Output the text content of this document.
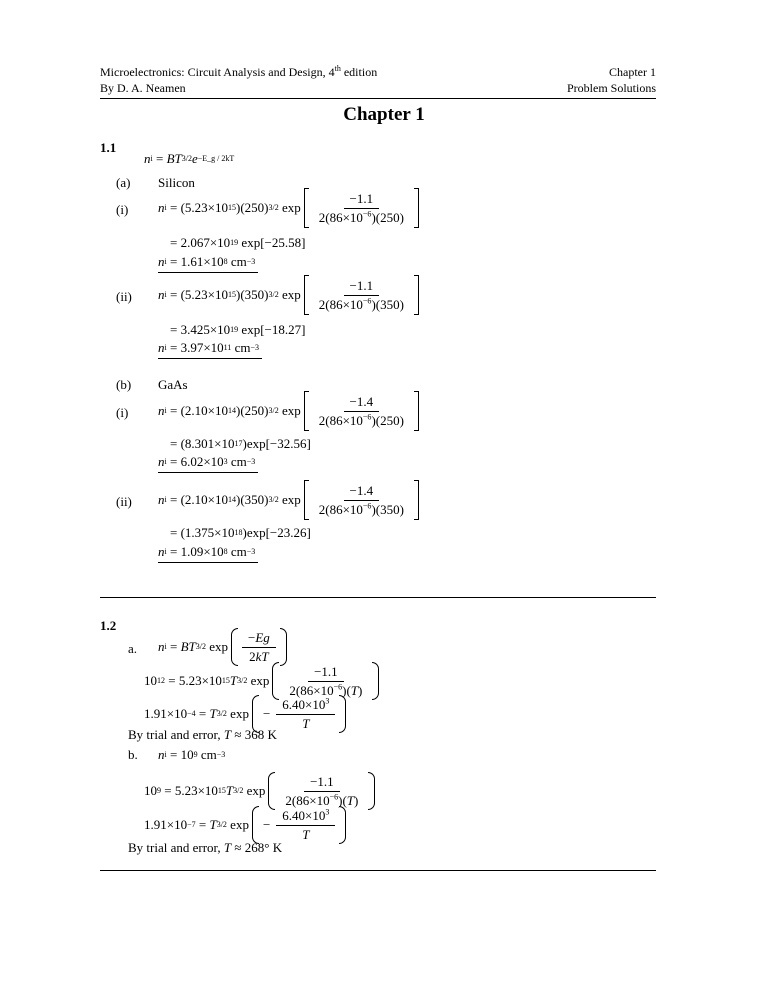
Microelectronics: Circuit Analysis and Design, 4th edition
By D. A. Neamen
Chapter 1
Problem Solutions
Chapter 1
1.1
n i = BT 3/2 e −E_g / 2kT
(a) Silicon
(i) n i = (5.23×10 15 )(250) 3/2 $\exp \frac{-1.1}{2(86\times 10^{-6})(250)}$
= 2.067×10 19 exp[−25.58]
n i = 1.61×10 8 cm −3
(ii) n i = (5.23×10 15 )(350) 3/2 $\exp \frac{-1.1}{2(86\times 10^{-6})(350)}$
= 3.425×10 19 exp[−18.27]
n i = 3.97×10 11 cm −3
(b) GaAs
(i) n i = (2.10×10 14 )(250) 3/2 $\exp \frac{-1.4}{2(86\times 10^{-6})(250)}$
= (8.301×10 17 )exp[−32.56]
n i = 6.02×10 3 cm −3
(ii) n i = (2.10×10 14 )(350) 3/2 $\exp \frac{-1.4}{2(86\times 10^{-6})(350)}$
= (1.375×10 18 )exp[−23.26]
n i = 1.09×10 8 cm −3
1.2
a. n i = BT 3/2 $\exp \frac{-Eg}{2kT}$
10 12 = 5.23×10 15 T 3/2 $\exp \frac{-1.1}{2(86\times 10^{-6})(T)}$
1.91×10 −4 = T 3/2 $\exp - \frac{6.40\times 10^3}{T}$
By trial and error, T ≈ 368 K
b. n i = 10 9 cm −3
10 9 = 5.23×10 15 T 3/2 $\exp \frac{-1.1}{2(86\times 10^{-6})(T)}$
1.91×10 −7 = T 3/2 $\exp - \frac{6.40\times 10^3}{T}$
By trial and error, T ≈ 268° K
